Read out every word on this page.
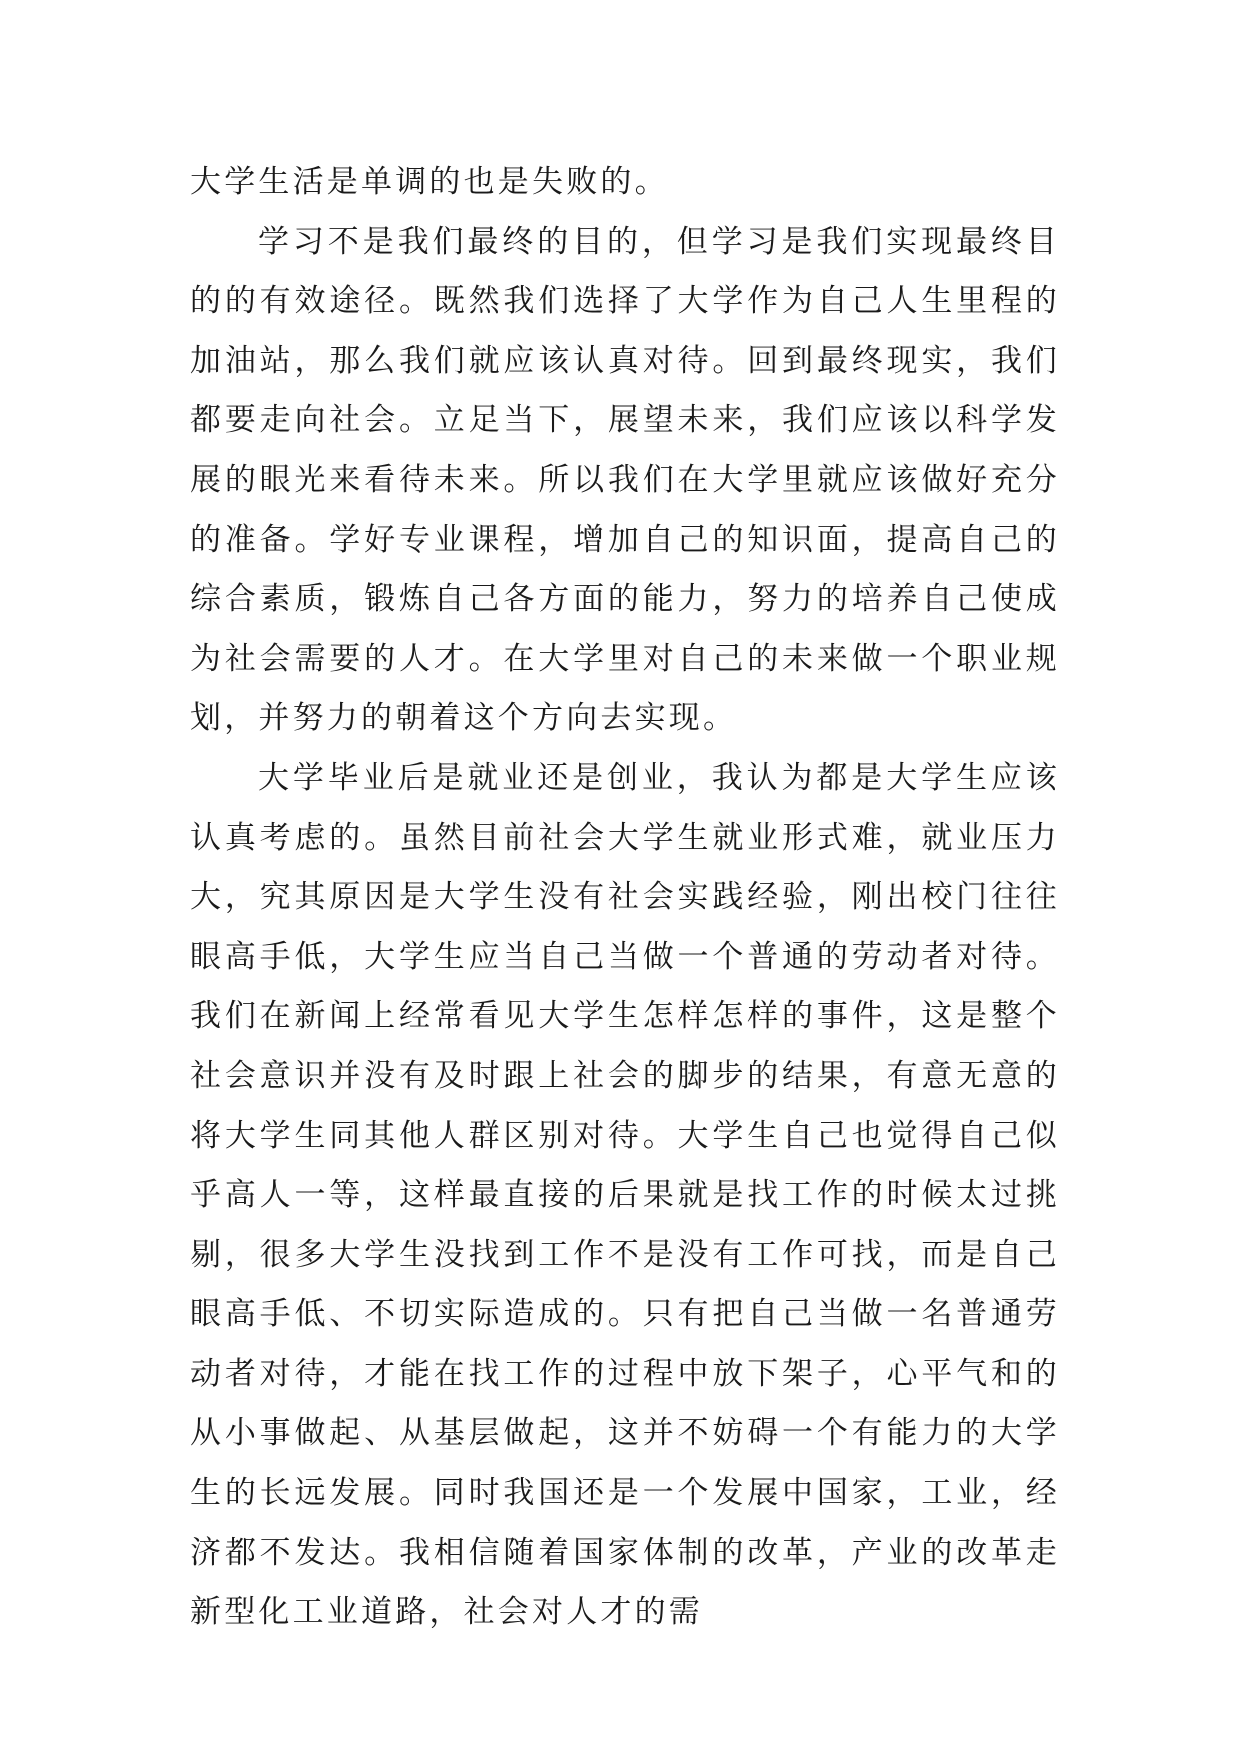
大学生活是单调的也是失败的。

学习不是我们最终的目的，但学习是我们实现最终目的的有效途径。既然我们选择了大学作为自己人生里程的加油站，那么我们就应该认真对待。回到最终现实，我们都要走向社会。立足当下，展望未来，我们应该以科学发展的眼光来看待未来。所以我们在大学里就应该做好充分的准备。学好专业课程，增加自己的知识面，提高自己的综合素质，锻炼自己各方面的能力，努力的培养自己使成为社会需要的人才。在大学里对自己的未来做一个职业规划，并努力的朝着这个方向去实现。

大学毕业后是就业还是创业，我认为都是大学生应该认真考虑的。虽然目前社会大学生就业形式难，就业压力大，究其原因是大学生没有社会实践经验，刚出校门往往眼高手低，大学生应当自己当做一个普通的劳动者对待。我们在新闻上经常看见大学生怎样怎样的事件，这是整个社会意识并没有及时跟上社会的脚步的结果，有意无意的将大学生同其他人群区别对待。大学生自己也觉得自己似乎高人一等，这样最直接的后果就是找工作的时候太过挑剔，很多大学生没找到工作不是没有工作可找，而是自己眼高手低、不切实际造成的。只有把自己当做一名普通劳动者对待，才能在找工作的过程中放下架子，心平气和的从小事做起、从基层做起，这并不妨碍一个有能力的大学生的长远发展。同时我国还是一个发展中国家，工业，经济都不发达。我相信随着国家体制的改革，产业的改革走新型化工业道路，社会对人才的需
